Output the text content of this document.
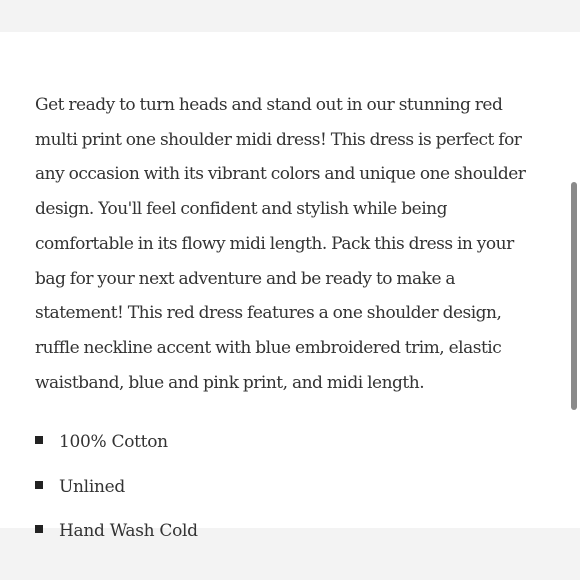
Get ready to turn heads and stand out in our stunning red multi print one shoulder midi dress! This dress is perfect for any occasion with its vibrant colors and unique one shoulder design. You'll feel confident and stylish while being comfortable in its flowy midi length. Pack this dress in your bag for your next adventure and be ready to make a statement! This red dress features a one shoulder design, ruffle neckline accent with blue embroidered trim, elastic waistband, blue and pink print, and midi length.

100% Cotton
Unlined
Hand Wash Cold
